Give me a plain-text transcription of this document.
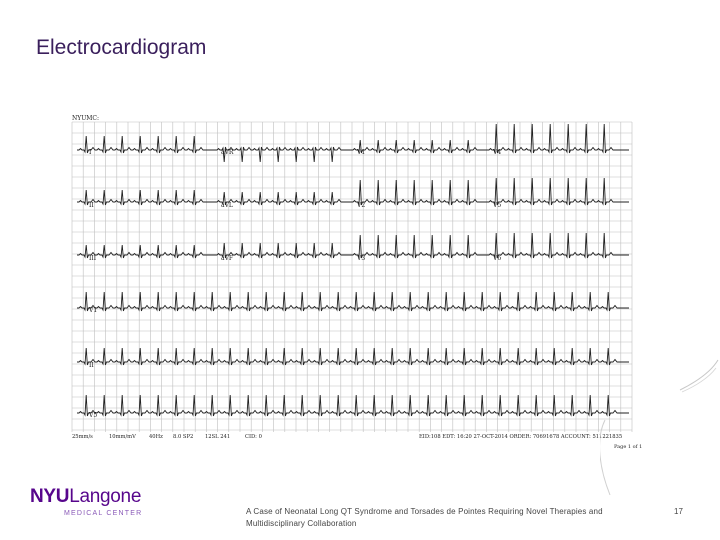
Electrocardiogram
NYUMC:
I	aVR	V1	V4
II	aVL	V2	V5
III	aVF	V3	V6
V1
II
V5
25mm/s	10mm/mV	40Hz 8.0 SP2 12SL 241	CID: 0	EID:108 EDT: 16:20 27-OCT-2014 ORDER: 70691678 ACCOUNT: 511221835
Page 1 of 1
NYULangone
MEDICAL CENTER	A Case of Neonatal Long QT Syndrome and Torsades de Pointes Requiring Novel Therapies and Multidisciplinary Collaboration
17
